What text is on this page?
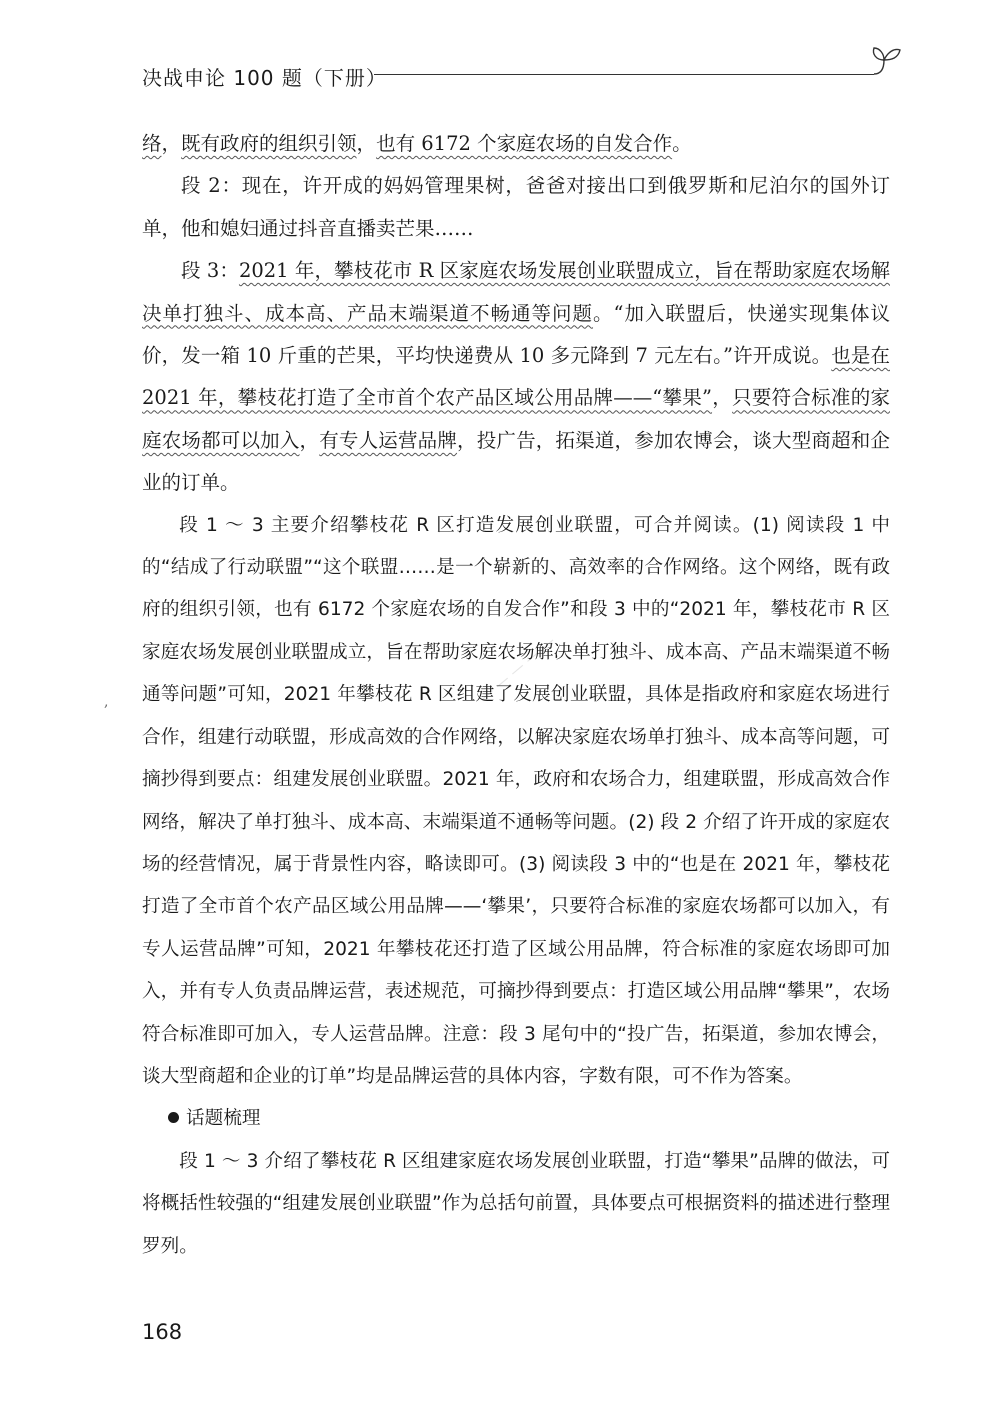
决战申论 100 题（下册）
— — — — —
,

络，既有政府的组织引领，也有 6172 个家庭农场的自发合作。

段 2：现在，许开成的妈妈管理果树，爸爸对接出口到俄罗斯和尼泊尔的国外订单，他和媳妇通过抖音直播卖芒果……

段 3：2021 年，攀枝花市 R 区家庭农场发展创业联盟成立，旨在帮助家庭农场解决单打独斗、成本高、产品末端渠道不畅通等问题。“加入联盟后，快递实现集体议价，发一箱 10 斤重的芒果，平均快递费从 10 多元降到 7 元左右。”许开成说。也是在 2021 年，攀枝花打造了全市首个农产品区域公用品牌——“攀果”，只要符合标准的家庭农场都可以加入，有专人运营品牌，投广告，拓渠道，参加农博会，谈大型商超和企业的订单。

段 1 ～ 3 主要介绍攀枝花 R 区打造发展创业联盟，可合并阅读。(1) 阅读段 1 中的“结成了行动联盟”“这个联盟……是一个崭新的、高效率的合作网络。这个网络，既有政府的组织引领，也有 6172 个家庭农场的自发合作”和段 3 中的“2021 年，攀枝花市 R 区家庭农场发展创业联盟成立，旨在帮助家庭农场解决单打独斗、成本高、产品末端渠道不畅通等问题”可知，2021 年攀枝花 R 区组建了发展创业联盟，具体是指政府和家庭农场进行合作，组建行动联盟，形成高效的合作网络，以解决家庭农场单打独斗、成本高等问题，可摘抄得到要点：组建发展创业联盟。2021 年，政府和农场合力，组建联盟，形成高效合作网络，解决了单打独斗、成本高、末端渠道不通畅等问题。(2) 段 2 介绍了许开成的家庭农场的经营情况，属于背景性内容，略读即可。(3) 阅读段 3 中的“也是在 2021 年，攀枝花打造了全市首个农产品区域公用品牌——‘攀果’，只要符合标准的家庭农场都可以加入，有专人运营品牌”可知，2021 年攀枝花还打造了区域公用品牌，符合标准的家庭农场即可加入，并有专人负责品牌运营，表述规范，可摘抄得到要点：打造区域公用品牌“攀果”，农场符合标准即可加入，专人运营品牌。注意：段 3 尾句中的“投广告，拓渠道，参加农博会，谈大型商超和企业的订单”均是品牌运营的具体内容，字数有限，可不作为答案。

话题梳理

段 1 ～ 3 介绍了攀枝花 R 区组建家庭农场发展创业联盟，打造“攀果”品牌的做法，可将概括性较强的“组建发展创业联盟”作为总括句前置，具体要点可根据资料的描述进行整理罗列。

168
